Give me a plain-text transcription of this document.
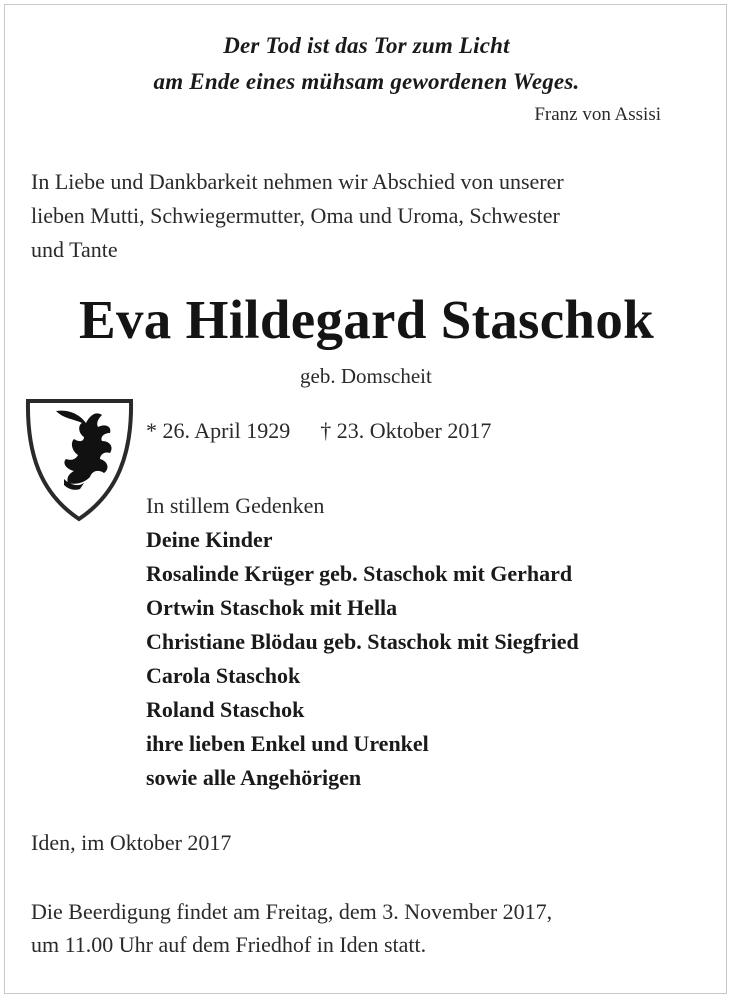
Der Tod ist das Tor zum Licht
am Ende eines mühsam gewordenen Weges.
Franz von Assisi
In Liebe und Dankbarkeit nehmen wir Abschied von unserer
lieben Mutti, Schwiegermutter, Oma und Uroma, Schwester
und Tante
Eva Hildegard Staschok
geb. Domscheit
* 26. April 1929 † 23. Oktober 2017
In stillem Gedenken
Deine Kinder
Rosalinde Krüger geb. Staschok mit Gerhard
Ortwin Staschok mit Hella
Christiane Blödau geb. Staschok mit Siegfried
Carola Staschok
Roland Staschok
ihre lieben Enkel und Urenkel
sowie alle Angehörigen
Iden, im Oktober 2017
Die Beerdigung findet am Freitag, dem 3. November 2017,
um 11.00 Uhr auf dem Friedhof in Iden statt.
